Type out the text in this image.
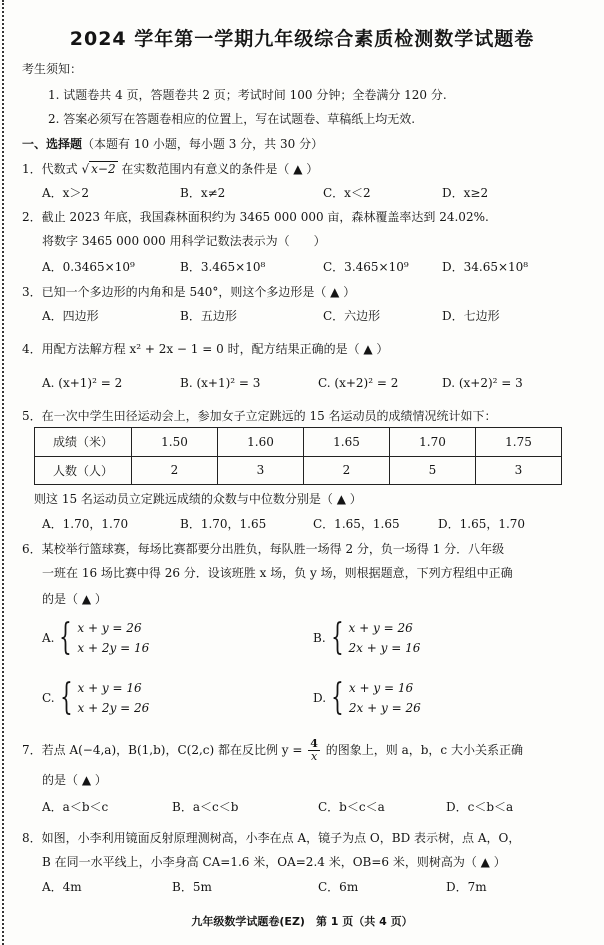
2024 学年第一学期九年级综合素质检测数学试题卷
考生须知：
1. 试题卷共 4 页，答题卷共 2 页；考试时间 100 分钟；全卷满分 120 分.
2. 答案必须写在答题卷相应的位置上，写在试题卷、草稿纸上均无效.
一、选择题（本题有 10 小题，每小题 3 分，共 30 分）
1．代数式 √ x−2 在实数范围内有意义的条件是（ ▲ ）
A．x＞2	B．x≠2	C．x＜2	D．x≥2
2．截止 2023 年底，我国森林面积约为 3465 000 000 亩，森林覆盖率达到 24.02%.
将数字 3465 000 000 用科学记数法表示为（　　）
A．0.3465×10⁹	B．3.465×10⁸	C．3.465×10⁹	D．34.65×10⁸
3．已知一个多边形的内角和是 540°，则这个多边形是（ ▲ ）
A．四边形	B．五边形	C．六边形	D．七边形
4．用配方法解方程 x² + 2x − 1 = 0 时，配方结果正确的是（ ▲ ）
A. (x+1)² = 2	B. (x+1)² = 3	C. (x+2)² = 2	D. (x+2)² = 3
5．在一次中学生田径运动会上，参加女子立定跳远的 15 名运动员的成绩情况统计如下：
成绩（米）	1.50	1.60	1.65	1.70	1.75
人数（人）	2	3	2	5	3
则这 15 名运动员立定跳远成绩的众数与中位数分别是（ ▲ ）
A．1.70，1.70	B．1.70，1.65	C．1.65，1.65	D．1.65，1.70
6．某校举行篮球赛，每场比赛都要分出胜负，每队胜一场得 2 分，负一场得 1 分．八年级
一班在 16 场比赛中得 26 分．设该班胜 x 场，负 y 场，则根据题意，下列方程组中正确
的是（ ▲ ）
A. { x + y = 26
x + 2y = 16
B. { x + y = 26
2x + y = 16
C. { x + y = 16
x + 2y = 26
D. { x + y = 16
2x + y = 26
7．若点 A(−4,a)，B(1,b)，C(2,c) 都在反比例 $y = \frac{4}{x}$ 的图象上，则 a，b，c 大小关系正确
的是（ ▲ ）
A．a＜b＜c	B．a＜c＜b	C．b＜c＜a	D．c＜b＜a
8．如图，小李利用镜面反射原理测树高，小李在点 A，镜子为点 O，BD 表示树，点 A，O，
B 在同一水平线上，小李身高 CA=1.6 米，OA=2.4 米，OB=6 米，则树高为（ ▲ ）
A．4m	B．5m	C．6m	D．7m
九年级数学试题卷(EZ)　第 1 页（共 4 页）
